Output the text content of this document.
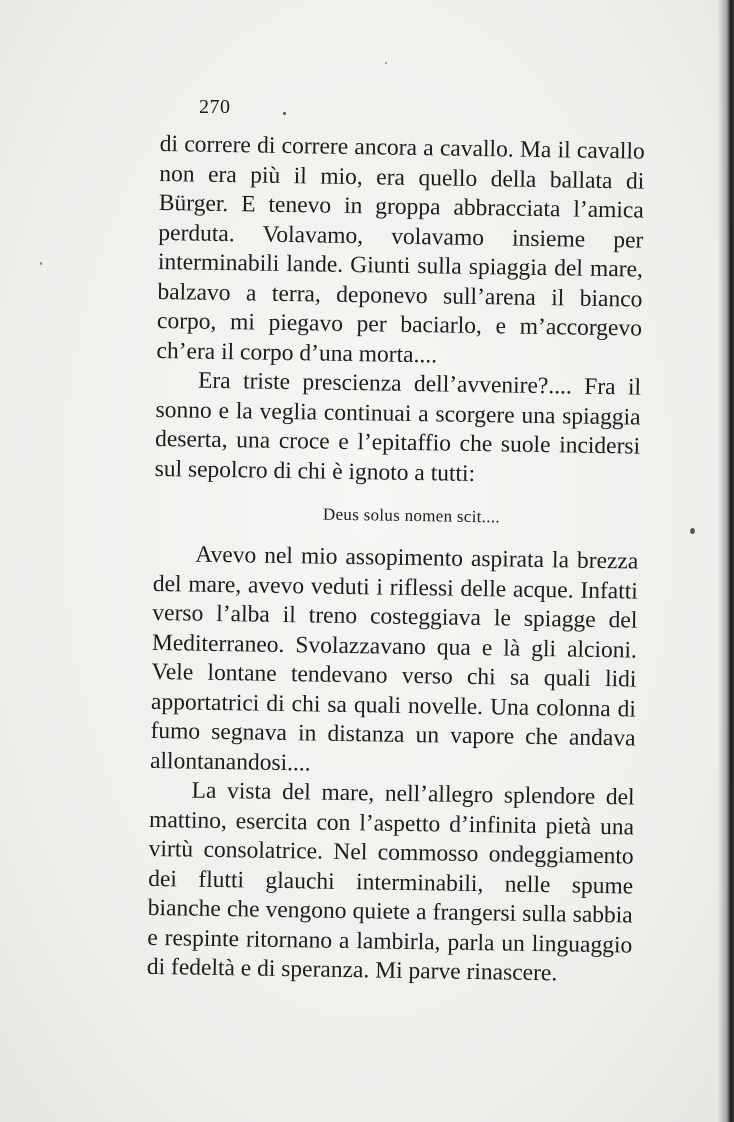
270

di correre di correre ancora a cavallo. Ma il cavallo non era più il mio, era quello della ballata di Bürger. E tenevo in groppa abbracciata l’amica perduta. Volavamo, volavamo insieme per interminabili lande. Giunti sulla spiaggia del mare, balzavo a terra, deponevo sull’arena il bianco corpo, mi piegavo per baciarlo, e m’accorgevo ch’era il corpo d’una morta....

Era triste prescienza dell’avvenire?.... Fra il sonno e la veglia continuai a scorgere una spiaggia deserta, una croce e l’epitaffio che suole incidersi sul sepolcro di chi è ignoto a tutti:

Deus solus nomen scit....

Avevo nel mio assopimento aspirata la brezza del mare, avevo veduti i riflessi delle acque. Infatti verso l’alba il treno costeggiava le spiagge del Mediterraneo. Svolazzavano qua e là gli alcioni. Vele lontane tendevano verso chi sa quali lidi apportatrici di chi sa quali novelle. Una colonna di fumo segnava in distanza un vapore che andava allontanandosi....

La vista del mare, nell’allegro splendore del mattino, esercita con l’aspetto d’infinita pietà una virtù consolatrice. Nel commosso ondeggiamento dei flutti glauchi interminabili, nelle spume bianche che vengono quiete a frangersi sulla sabbia e respinte ritornano a lambirla, parla un linguaggio di fedeltà e di speranza. Mi parve rinascere.
